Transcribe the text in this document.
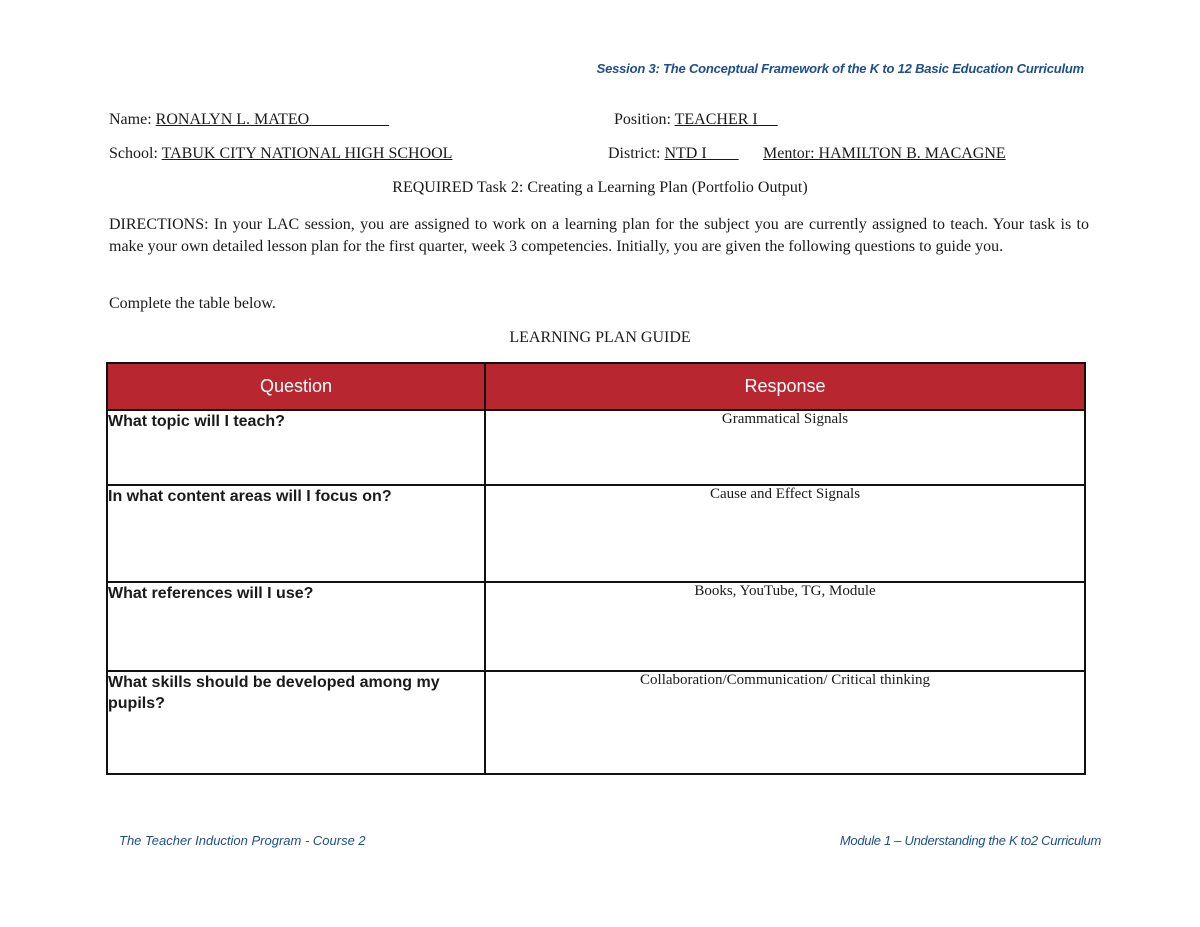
Session 3: The Conceptual Framework of the K to 12 Basic Education Curriculum
Name: RONALYN L. MATEO	Position: TEACHER I
School: TABUK CITY NATIONAL HIGH SCHOOL	District: NTD I Mentor: HAMILTON B. MACAGNE
REQUIRED Task 2: Creating a Learning Plan (Portfolio Output)
DIRECTIONS: In your LAC session, you are assigned to work on a learning plan for the subject you are currently assigned to teach. Your task is to make your own detailed lesson plan for the first quarter, week 3 competencies. Initially, you are given the following questions to guide you.
Complete the table below.
LEARNING PLAN GUIDE
Question	Response
What topic will I teach?	Grammatical Signals
In what content areas will I focus on?	Cause and Effect Signals
What references will I use?	Books, YouTube, TG, Module
What skills should be developed among my pupils?	Collaboration/Communication/ Critical thinking
The Teacher Induction Program - Course 2	Module 1 – Understanding the K to2 Curriculum
